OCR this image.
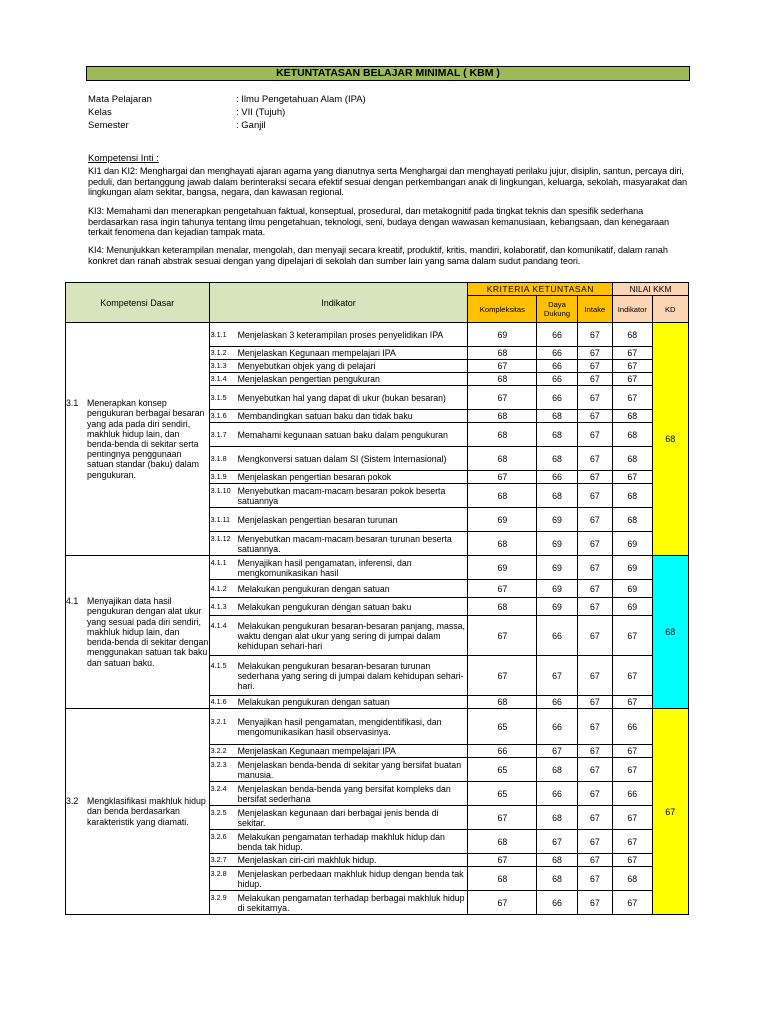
KETUNTATASAN BELAJAR MINIMAL ( KBM )
Mata Pelajaran	: Ilmu Pengetahuan Alam (IPA)
Kelas	: VII (Tujuh)
Semester	: Ganjil
Kompetensi Inti :
KI1 dan KI2: Menghargai dan menghayati ajaran agama yang dianutnya serta Menghargai dan menghayati perilaku jujur, disiplin, santun, percaya diri, peduli, dan bertanggung jawab dalam berinteraksi secara efektif sesuai dengan perkembangan anak di lingkungan, keluarga, sekolah, masyarakat dan lingkungan alam sekitar, bangsa, negara, dan kawasan regional.
KI3: Memahami dan menerapkan pengetahuan faktual, konseptual, prosedural, dan metakognitif pada tingkat teknis dan spesifik sederhana berdasarkan rasa ingin tahunya tentang ilmu pengetahuan, teknologi, seni, budaya dengan wawasan kemanusiaan, kebangsaan, dan kenegaraan terkait fenomena dan kejadian tampak mata.
KI4: Menunjukkan keterampilan menalar, mengolah, dan menyaji secara kreatif, produktif, kritis, mandiri, kolaboratif, dan komunikatif, dalam ranah konkret dan ranah abstrak sesuai dengan yang dipelajari di sekolah dan sumber lain yang sama dalam sudut pandang teori.
Kompetensi Dasar	Indikator	KRITERIA KETUNTASAN			NILAI KKM	
		Kompleksitas	Daya Dukung	Intake	Indikator	KD

3.1 Menerapkan konsep pengukuran berbagai besaran yang ada pada diri sendiri, makhluk hidup lain, dan benda-benda di sekitar serta pentingnya penggunaan satuan standar (baku) dalam pengukuran.	3.1.1 Menjelaskan 3 keterampilan proses penyelidikan IPA	69	66	67	68	68

	3.1.2 Menjelaskan Kegunaan mempelajari IPA	68	66	67	67	

	3.1.3 Menyebutkan objek yang di pelajari	67	66	67	67	

	3.1.4 Menjelaskan pengertian pengukuran	68	66	67	67	

	3.1.5 Menyebutkan hal yang dapat di ukur (bukan besaran)	67	66	67	67	

	3.1.6 Membandingkan satuan baku dan tidak baku	68	68	67	68	

	3.1.7 Memahami kegunaan satuan baku dalam pengukuran	68	68	67	68	

	3.1.8 Mengkonversi satuan dalam SI (Sistem Internasional)	68	68	67	68	

	3.1.9 Menjelaskan pengertian besaran pokok	67	66	67	67	

	3.1.10 Menyebutkan macam-macam besaran pokok beserta satuannya	68	68	67	68	

	3.1.11 Menjelaskan pengertian besaran turunan	69	69	67	68	

	3.1.12 Menyebutkan macam-macam besaran turunan beserta satuannya.	68	69	67	69	

4.1 Menyajikan data hasil pengukuran dengan alat ukur yang sesuai pada diri sendiri, makhluk hidup lain, dan benda-benda di sekitar dengan menggunakan satuan tak baku dan satuan baku.	4.1.1 Menyajikan hasil pengamatan, inferensi, dan mengkomunikasikan hasil	69	69	67	69	68

	4.1.2 Melakukan pengukuran dengan satuan	67	69	67	69	

	4.1.3 Melakukan pengukuran dengan satuan baku	68	69	67	69	

	4.1.4 Melakukan pengukuran besaran-besaran panjang, massa, waktu dengan alat ukur yang sering di jumpai dalam kehidupan sehari-hari	67	66	67	67	

	4.1.5 Melakukan pengukuran besaran-besaran turunan sederhana yang sering di jumpai dalam kehidupan sehari-hari.	67	67	67	67	

	4.1.6 Melakukan pengukuran dengan satuan	68	66	67	67	

3.2 Mengklasifikasi makhluk hidup dan benda berdasarkan karakteristik yang diamati.	3.2.1 Menyajikan hasil pengamatan, mengidentifikasi, dan mengomunikasikan hasil observasinya.	65	66	67	66	67

	3.2.2 Menjelaskan Kegunaan mempelajari IPA	66	67	67	67	

	3.2.3 Menjelaskan benda-benda di sekitar yang bersifat buatan manusia.	65	68	67	67	

	3.2.4 Menjelaskan benda-benda yang bersifat kompleks dan bersifat sederhana	65	66	67	66	

	3.2.5 Menjelaskan kegunaan dari berbagai jenis benda di sekitar.	67	68	67	67	

	3.2.6 Melakukan pengamatan terhadap makhluk hidup dan benda tak hidup.	68	67	67	67	

	3.2.7 Menjelaskan ciri-ciri makhluk hidup.	67	68	67	67	

	3.2.8 Menjelaskan perbedaan makhluk hidup dengan benda tak hidup.	68	68	67	68	

	3.2.9 Melakukan pengamatan terhadap berbagai makhluk hidup di sekitarnya.	67	66	67	67	
